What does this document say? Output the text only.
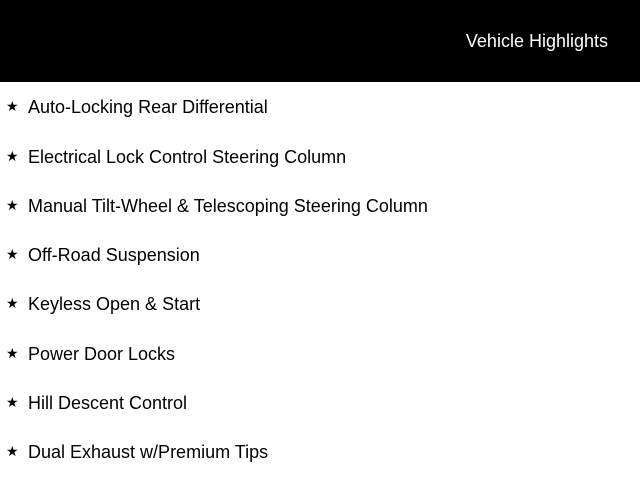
Vehicle Highlights
★ Auto-Locking Rear Differential
★ Electrical Lock Control Steering Column
★ Manual Tilt-Wheel & Telescoping Steering Column
★ Off-Road Suspension
★ Keyless Open & Start
★ Power Door Locks
★ Hill Descent Control
★ Dual Exhaust w/Premium Tips
